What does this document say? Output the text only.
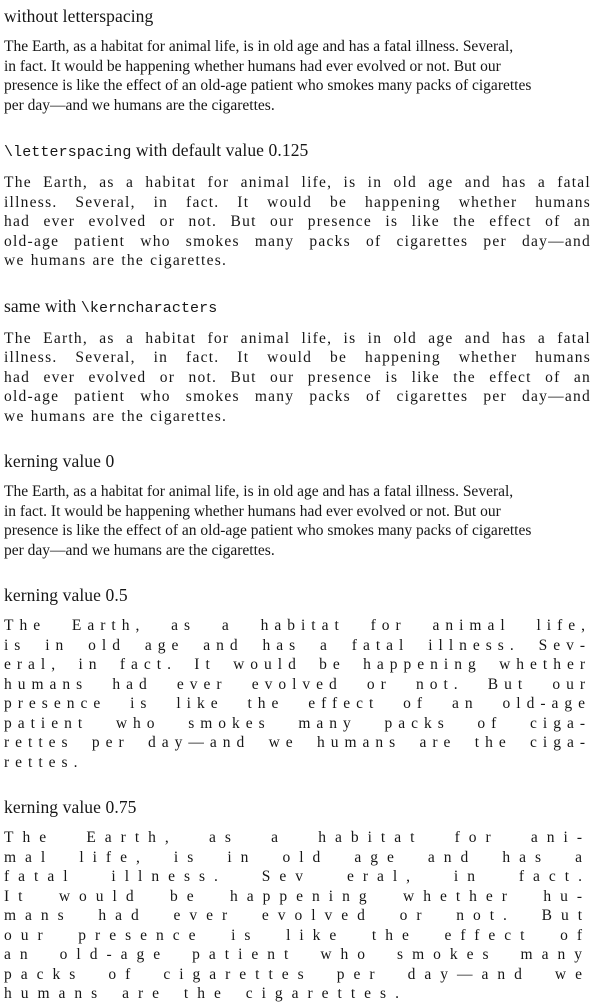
without letterspacing

The Earth, as a habitat for animal life, is in old age and has a fatal illness. Several,
in fact. It would be happening whether humans had ever evolved or not. But our
presence is like the effect of an old-age patient who smokes many packs of cigarettes
per day—and we humans are the cigarettes.

\letterspacing with default value 0.125

The Earth, as a habitat for animal life, is in old age and has a fatal
illness. Several, in fact. It would be happening whether humans
had ever evolved or not. But our presence is like the effect of an
old-age patient who smokes many packs of cigarettes per day—and
we humans are the cigarettes.

same with \kerncharacters

The Earth, as a habitat for animal life, is in old age and has a fatal
illness. Several, in fact. It would be happening whether humans
had ever evolved or not. But our presence is like the effect of an
old-age patient who smokes many packs of cigarettes per day—and
we humans are the cigarettes.

kerning value 0

The Earth, as a habitat for animal life, is in old age and has a fatal illness. Several,
in fact. It would be happening whether humans had ever evolved or not. But our
presence is like the effect of an old-age patient who smokes many packs of cigarettes
per day—and we humans are the cigarettes.

kerning value 0.5

The Earth, as a habitat for animal life,
is in old age and has a fatal illness. Sev-
eral, in fact. It would be happening whether
humans had ever evolved or not. But our
presence is like the effect of an old-age
patient who smokes many packs of ciga-
rettes per day—and we humans are the ciga-
rettes.

kerning value 0.75

The Earth, as a habitat for ani-
mal life, is in old age and has a
fatal illness. Sev eral, in fact.
It would be happening whether hu-
mans had ever evolved or not. But
our presence is like the effect of
an old-age patient who smokes many
packs of cigarettes per day—and we
humans are the cigarettes.
